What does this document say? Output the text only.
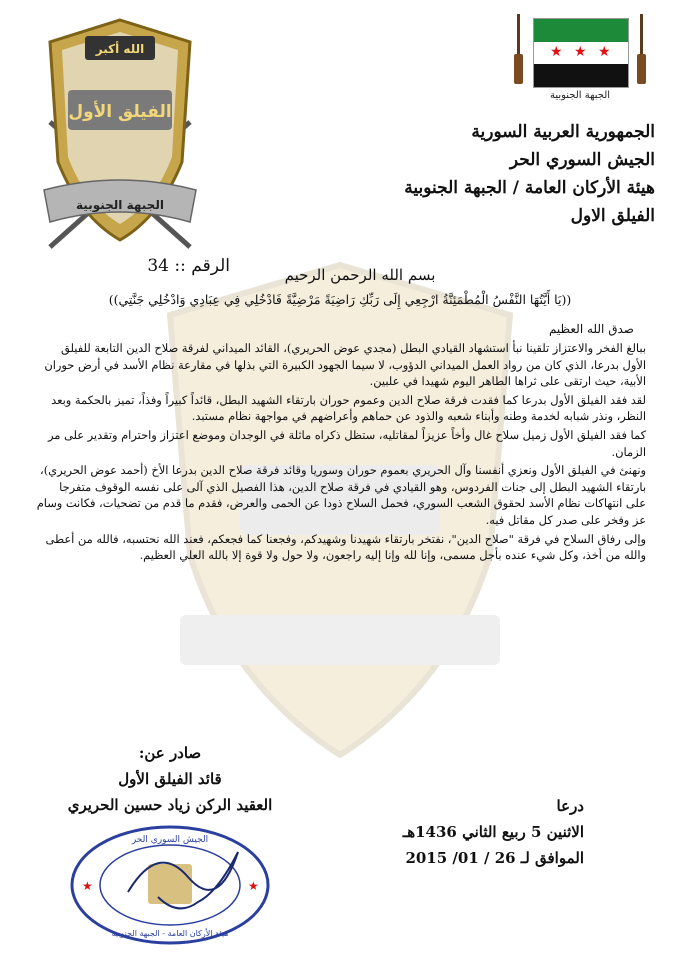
★ ★ ★
الجبهة الجنوبية
الجمهورية العربية السورية
الجيش السوري الحر
هيئة الأركان العامة / الجبهة الجنوبية
الفيلق الاول
الله أكبر
الفيلق الأول
الجبهة الجنوبية
الرقم :: 34	بسم الله الرحمن الرحيم
((يَا أَيَّتُهَا النَّفْسُ الْمُطْمَئِنَّةُ ارْجِعِي إِلَى رَبِّكِ رَاضِيَةً مَرْضِيَّةً فَادْخُلِي فِي عِبَادِي وَادْخُلِي جَنَّتِي))
صدق الله العظيم

ببالغ الفخر والاعتزاز تلقينا نبأ استشهاد القيادي البطل (مجدي عوض الحريري)، القائد الميداني لفرقة صلاح الدين التابعة للفيلق الأول بدرعا، الذي كان من رواد العمل الميداني الدؤوب، لا سيما الجهود الكبيرة التي بذلها في مقارعة نظام الأسد في أرض حوران الأبية، حيث ارتقى على ثراها الطاهر اليوم شهيدا في علبين.

لقد فقد الفيلق الأول بدرعا كما فقدت فرقة صلاح الدين وعموم حوران بارتقاء الشهيد البطل، قائداً كبيراً وفذاً، تميز بالحكمة وبعد النظر، ونذر شبابه لخدمة وطنه وأبناء شعبه والذود عن حماهم وأعراضهم في مواجهة نظام مستبد.

كما فقد الفيلق الأول زميل سلاح غال وأخاً عزيزاً لمقاتليه، ستظل ذكراه ماثلة في الوجدان وموضع اعتزاز واحترام وتقدير على مر الزمان.

ونهنئ في الفيلق الأول ونعزي أنفسنا وآل الحريري بعموم حوران وسوريا وقائد فرقة صلاح الدين بدرعا الأخ (أحمد عوض الحريري)، بارتقاء الشهيد البطل إلى جنات الفردوس، وهو القيادي في فرقة صلاح الدين، هذا الفصيل الذي آلى على نفسه الوقوف متفرجا على انتهاكات نظام الأسد لحقوق الشعب السوري، فحمل السلاح ذودا عن الحمى والعرض، فقدم ما قدم من تضحيات، فكانت وسام عز وفخر على صدر كل مقاتل فيه.

وإلى رفاق السلاح في فرقة "صلاح الدين"، نفتخر بارتقاء شهيدنا وشهيدكم، وفجعنا كما فجعكم، فعند الله نحتسبه، فالله من أعطى والله من أخذ، وكل شيء عنده بأجل مسمى، وإنا لله وإنا إليه راجعون، ولا حول ولا قوة إلا بالله العلي العظيم.

صادر عن:
قائد الفيلق الأول
العقيد الركن زياد حسين الحريري	درعا
الاثنين 5 ربيع الثاني 1436هـ
الموافق لـ 26 / 01/ 2015
الجيش السوري الحر
هيئة الأركان العامة - الجبهة الجنوبية
★	★
